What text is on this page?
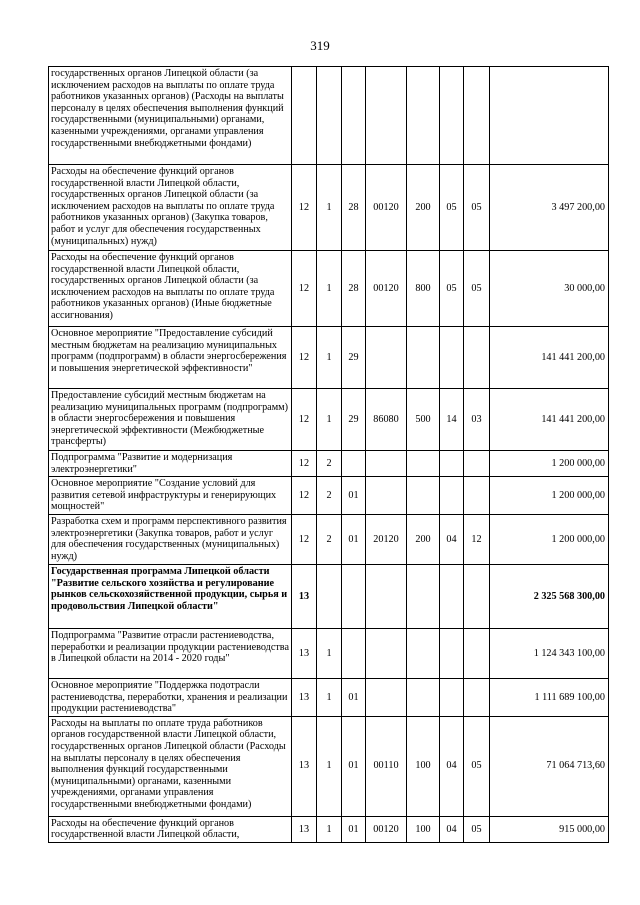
319
государственных органов Липецкой области (за исключением расходов на выплаты по оплате труда работников указанных органов) (Расходы на выплаты персоналу в целях обеспечения выполнения функций государственными (муниципальными) органами, казенными учреждениями, органами управления государственными внебюджетными фондами)								
Расходы на обеспечение функций органов государственной власти Липецкой области, государственных органов Липецкой области (за исключением расходов на выплаты по оплате труда работников указанных органов) (Закупка товаров, работ и услуг для обеспечения государственных (муниципальных) нужд)	12	1	28	00120	200	05	05	3 497 200,00
Расходы на обеспечение функций органов государственной власти Липецкой области, государственных органов Липецкой области (за исключением расходов на выплаты по оплате труда работников указанных органов) (Иные бюджетные ассигнования)	12	1	28	00120	800	05	05	30 000,00
Основное мероприятие "Предоставление субсидий местным бюджетам на реализацию муниципальных программ (подпрограмм) в области энергосбережения и повышения энергетической эффективности"	12	1	29					141 441 200,00
Предоставление субсидий местным бюджетам на реализацию муниципальных программ (подпрограмм) в области энергосбережения и повышения энергетической эффективности (Межбюджетные трансферты)	12	1	29	86080	500	14	03	141 441 200,00
Подпрограмма "Развитие и модернизация электроэнергетики"	12	2						1 200 000,00
Основное мероприятие "Создание условий для развития сетевой инфраструктуры и генерирующих мощностей"	12	2	01					1 200 000,00
Разработка схем и программ перспективного развития электроэнергетики (Закупка товаров, работ и услуг для обеспечения государственных (муниципальных) нужд)	12	2	01	20120	200	04	12	1 200 000,00
Государственная программа Липецкой области "Развитие сельского хозяйства и регулирование рынков сельскохозяйственной продукции, сырья и продовольствия Липецкой области"	13							2 325 568 300,00
Подпрограмма "Развитие отрасли растениеводства, переработки и реализации продукции растениеводства в Липецкой области на 2014 - 2020 годы"	13	1						1 124 343 100,00
Основное мероприятие "Поддержка подотрасли растениеводства, переработки, хранения и реализации продукции растениеводства"	13	1	01					1 111 689 100,00
Расходы на выплаты по оплате труда работников органов государственной власти Липецкой области, государственных органов Липецкой области (Расходы на выплаты персоналу в целях обеспечения выполнения функций государственными (муниципальными) органами, казенными учреждениями, органами управления государственными внебюджетными фондами)	13	1	01	00110	100	04	05	71 064 713,60
Расходы на обеспечение функций органов государственной власти Липецкой области,	13	1	01	00120	100	04	05	915 000,00
